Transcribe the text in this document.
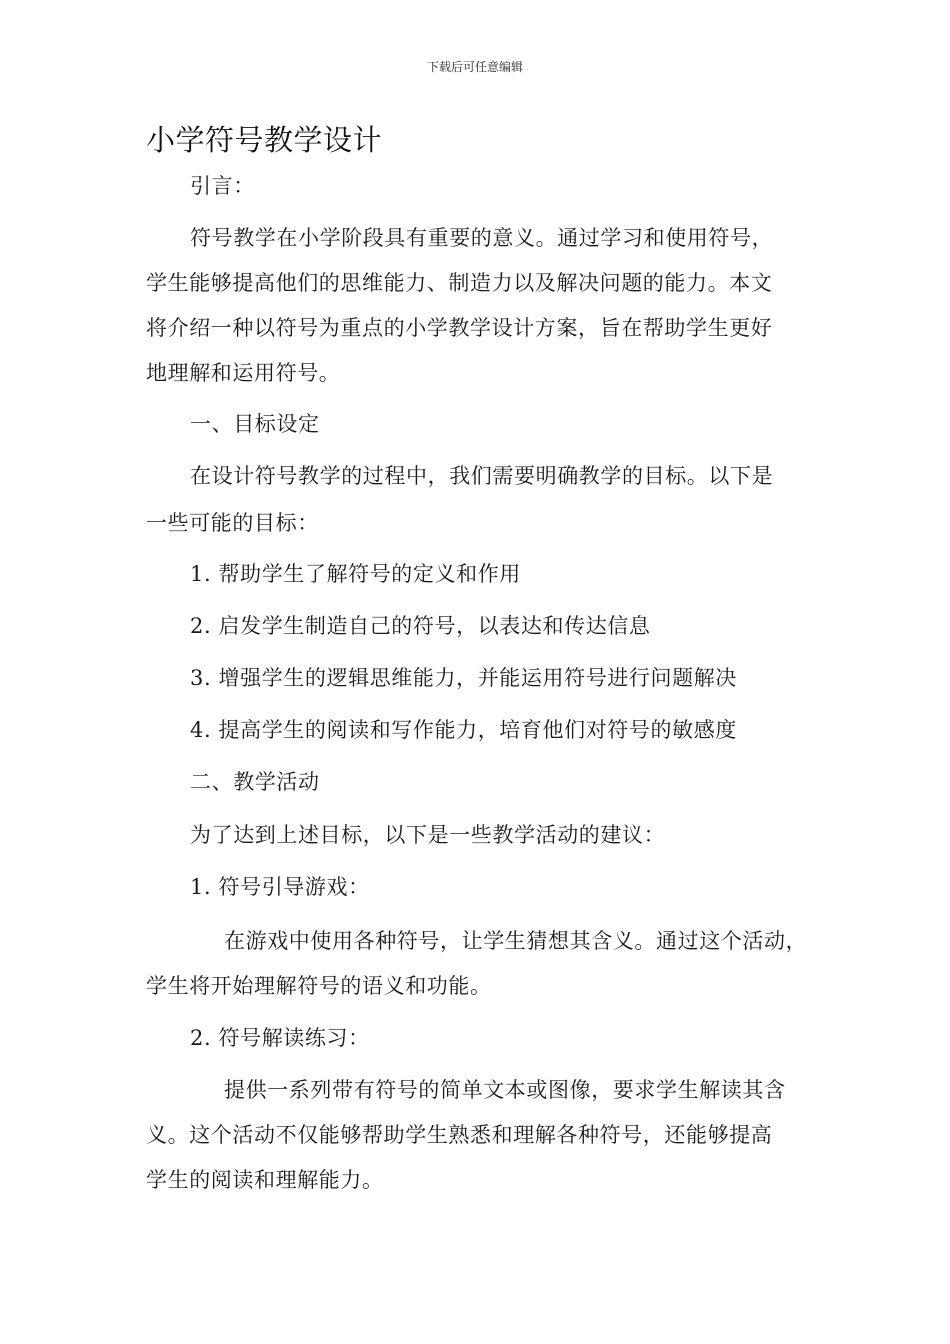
下载后可任意编辑
小学符号教学设计
引言：
符号教学在小学阶段具有重要的意义。通过学习和使用符号，
学生能够提高他们的思维能力、制造力以及解决问题的能力。本文
将介绍一种以符号为重点的小学教学设计方案，旨在帮助学生更好
地理解和运用符号。
一、目标设定
在设计符号教学的过程中，我们需要明确教学的目标。以下是
一些可能的目标：
1. 帮助学生了解符号的定义和作用
2. 启发学生制造自己的符号，以表达和传达信息
3. 增强学生的逻辑思维能力，并能运用符号进行问题解决
4. 提高学生的阅读和写作能力，培育他们对符号的敏感度
二、教学活动
为了达到上述目标，以下是一些教学活动的建议：
1. 符号引导游戏：
在游戏中使用各种符号，让学生猜想其含义。通过这个活动，
学生将开始理解符号的语义和功能。
2. 符号解读练习：
提供一系列带有符号的简单文本或图像，要求学生解读其含
义。这个活动不仅能够帮助学生熟悉和理解各种符号，还能够提高
学生的阅读和理解能力。
